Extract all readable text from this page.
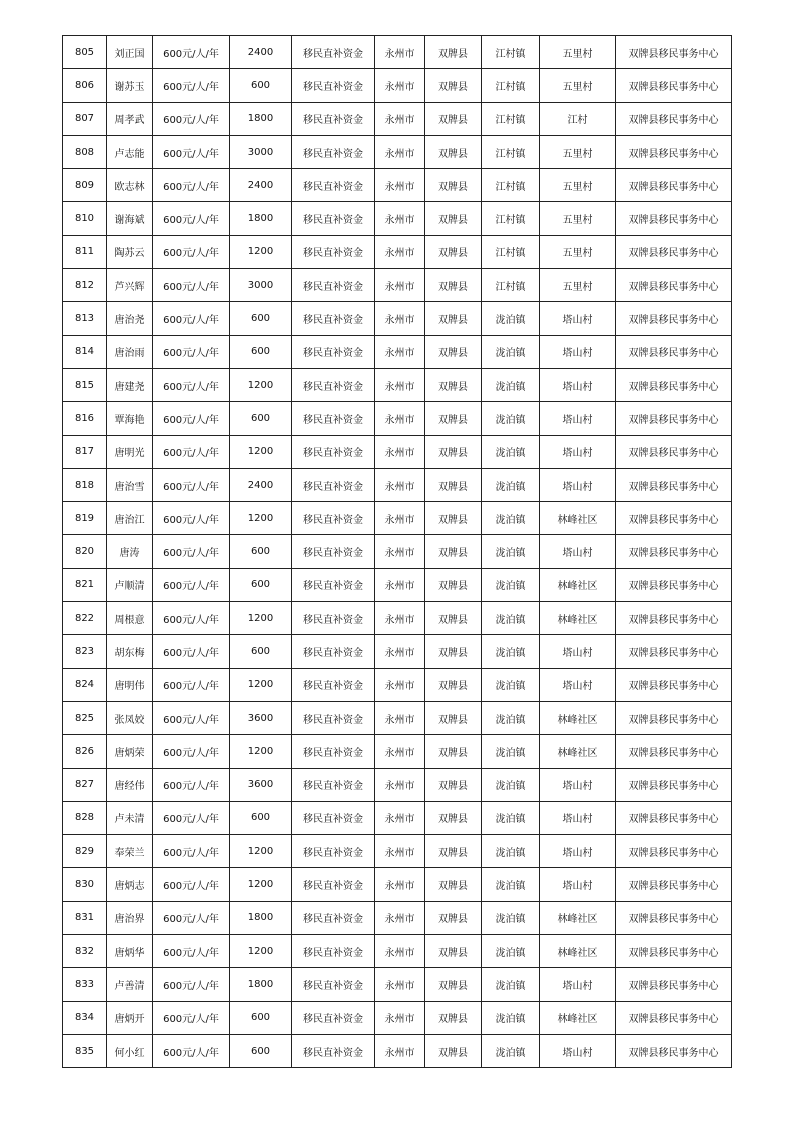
805	刘正国	600元/人/年	2400	移民直补资金	永州市	双牌县	江村镇	五里村	双牌县移民事务中心
806	谢苏玉	600元/人/年	600	移民直补资金	永州市	双牌县	江村镇	五里村	双牌县移民事务中心
807	周孝武	600元/人/年	1800	移民直补资金	永州市	双牌县	江村镇	江村	双牌县移民事务中心
808	卢志能	600元/人/年	3000	移民直补资金	永州市	双牌县	江村镇	五里村	双牌县移民事务中心
809	欧志林	600元/人/年	2400	移民直补资金	永州市	双牌县	江村镇	五里村	双牌县移民事务中心
810	谢海斌	600元/人/年	1800	移民直补资金	永州市	双牌县	江村镇	五里村	双牌县移民事务中心
811	陶苏云	600元/人/年	1200	移民直补资金	永州市	双牌县	江村镇	五里村	双牌县移民事务中心
812	芦兴辉	600元/人/年	3000	移民直补资金	永州市	双牌县	江村镇	五里村	双牌县移民事务中心
813	唐治尧	600元/人/年	600	移民直补资金	永州市	双牌县	泷泊镇	塔山村	双牌县移民事务中心
814	唐治雨	600元/人/年	600	移民直补资金	永州市	双牌县	泷泊镇	塔山村	双牌县移民事务中心
815	唐建尧	600元/人/年	1200	移民直补资金	永州市	双牌县	泷泊镇	塔山村	双牌县移民事务中心
816	覃海艳	600元/人/年	600	移民直补资金	永州市	双牌县	泷泊镇	塔山村	双牌县移民事务中心
817	唐明光	600元/人/年	1200	移民直补资金	永州市	双牌县	泷泊镇	塔山村	双牌县移民事务中心
818	唐治雪	600元/人/年	2400	移民直补资金	永州市	双牌县	泷泊镇	塔山村	双牌县移民事务中心
819	唐治江	600元/人/年	1200	移民直补资金	永州市	双牌县	泷泊镇	林峰社区	双牌县移民事务中心
820	唐涛	600元/人/年	600	移民直补资金	永州市	双牌县	泷泊镇	塔山村	双牌县移民事务中心
821	卢顺清	600元/人/年	600	移民直补资金	永州市	双牌县	泷泊镇	林峰社区	双牌县移民事务中心
822	周根意	600元/人/年	1200	移民直补资金	永州市	双牌县	泷泊镇	林峰社区	双牌县移民事务中心
823	胡东梅	600元/人/年	600	移民直补资金	永州市	双牌县	泷泊镇	塔山村	双牌县移民事务中心
824	唐明伟	600元/人/年	1200	移民直补资金	永州市	双牌县	泷泊镇	塔山村	双牌县移民事务中心
825	张凤姣	600元/人/年	3600	移民直补资金	永州市	双牌县	泷泊镇	林峰社区	双牌县移民事务中心
826	唐炳荣	600元/人/年	1200	移民直补资金	永州市	双牌县	泷泊镇	林峰社区	双牌县移民事务中心
827	唐经伟	600元/人/年	3600	移民直补资金	永州市	双牌县	泷泊镇	塔山村	双牌县移民事务中心
828	卢未清	600元/人/年	600	移民直补资金	永州市	双牌县	泷泊镇	塔山村	双牌县移民事务中心
829	奉荣兰	600元/人/年	1200	移民直补资金	永州市	双牌县	泷泊镇	塔山村	双牌县移民事务中心
830	唐炳志	600元/人/年	1200	移民直补资金	永州市	双牌县	泷泊镇	塔山村	双牌县移民事务中心
831	唐治界	600元/人/年	1800	移民直补资金	永州市	双牌县	泷泊镇	林峰社区	双牌县移民事务中心
832	唐炳华	600元/人/年	1200	移民直补资金	永州市	双牌县	泷泊镇	林峰社区	双牌县移民事务中心
833	卢善清	600元/人/年	1800	移民直补资金	永州市	双牌县	泷泊镇	塔山村	双牌县移民事务中心
834	唐炳开	600元/人/年	600	移民直补资金	永州市	双牌县	泷泊镇	林峰社区	双牌县移民事务中心
835	何小红	600元/人/年	600	移民直补资金	永州市	双牌县	泷泊镇	塔山村	双牌县移民事务中心
